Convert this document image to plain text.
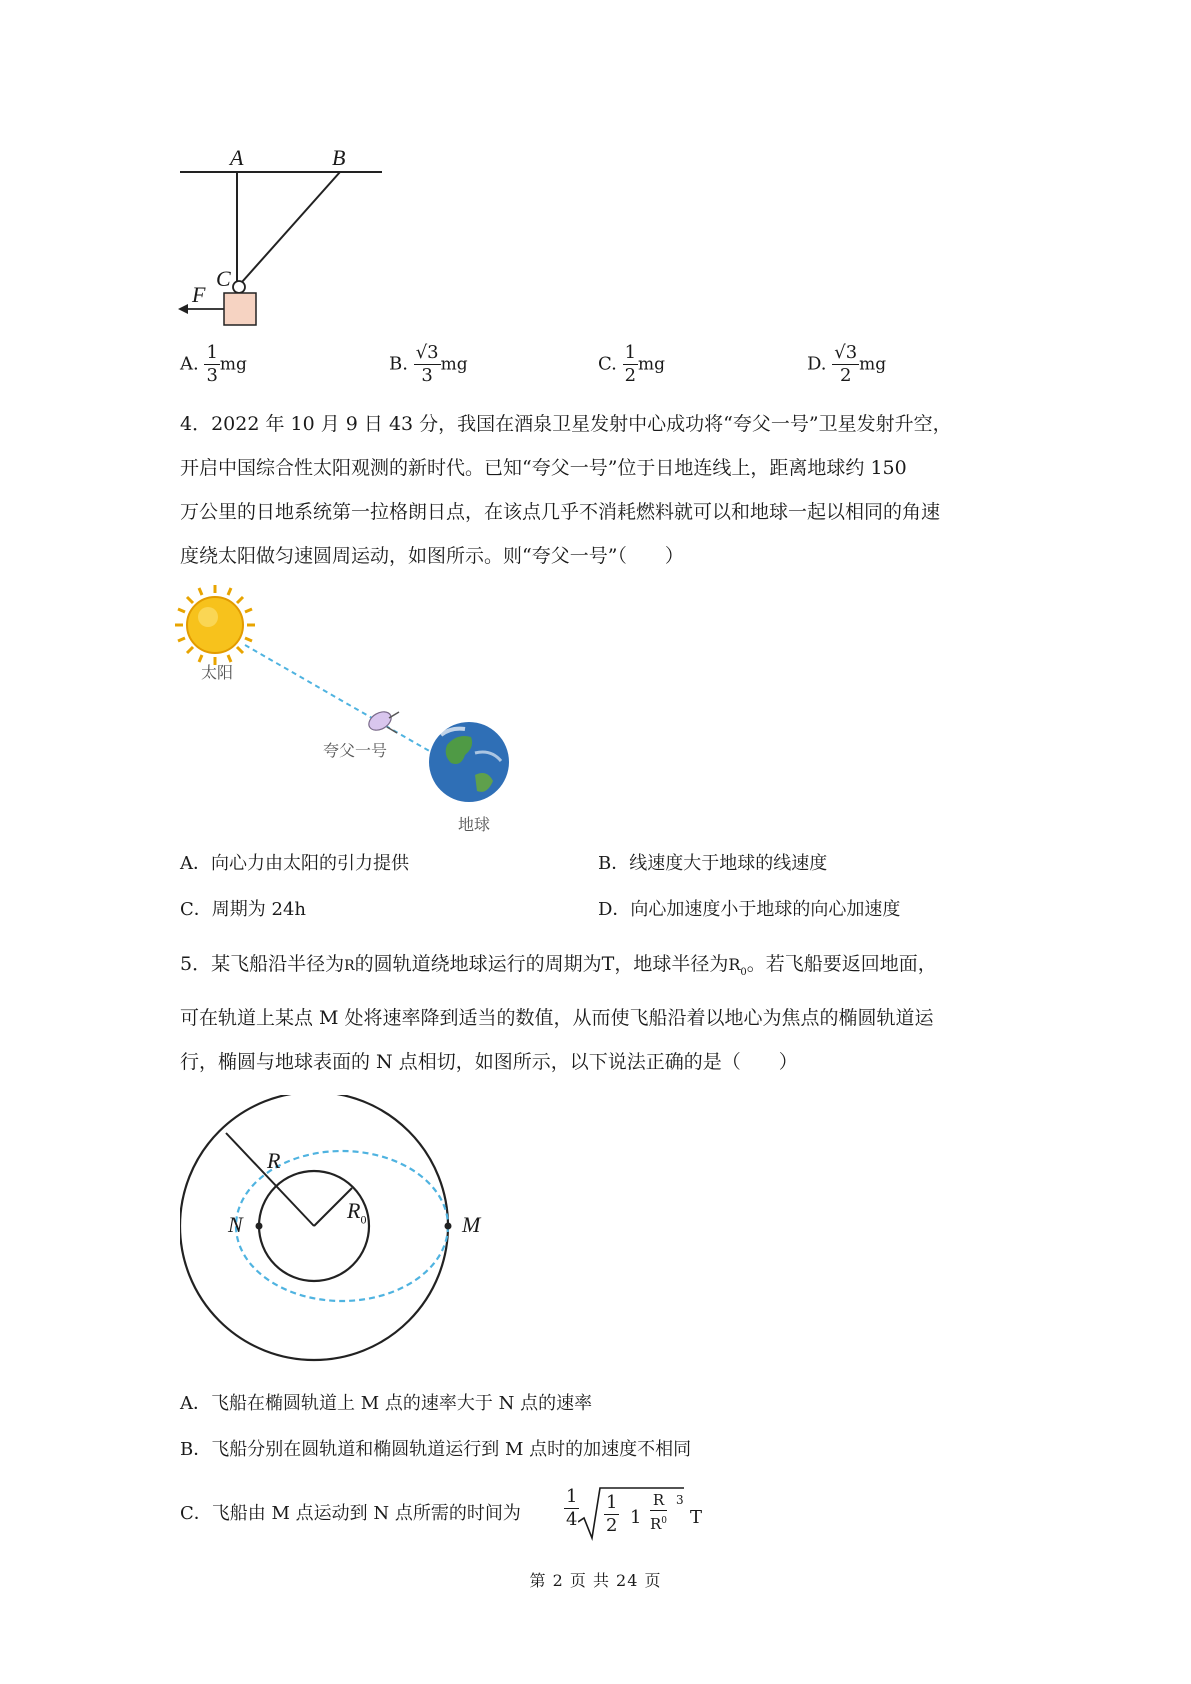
A	B
C
F
A. $\frac{1}{3}$ mg	B. $\frac{√3}{3}$ mg	C. $\frac{1}{2}$ mg	D. $\frac{√3}{2}$ mg
4．2022 年 10 月 9 日 43 分，我国在酒泉卫星发射中心成功将“夸父一号”卫星发射升空，
开启中国综合性太阳观测的新时代。已知“夸父一号”位于日地连线上，距离地球约 150
万公里的日地系统第一拉格朗日点，在该点几乎不消耗燃料就可以和地球一起以相同的角速
度绕太阳做匀速圆周运动，如图所示。则“夸父一号”（　　）
太阳
夸父一号
地球
A．向心力由太阳的引力提供	B．线速度大于地球的线速度
C．周期为 24h	D．向心加速度小于地球的向心加速度
5．某飞船沿半径为R的圆轨道绕地球运行的周期为T，地球半径为$R_0$。若飞船要返回地面，
可在轨道上某点 M 处将速率降到适当的数值，从而使飞船沿着以地心为焦点的椭圆轨道运
行，椭圆与地球表面的 N 点相切，如图所示，以下说法正确的是（　　）
R
$R_0$
N	M
A．飞船在椭圆轨道上 M 点的速率大于 N 点的速率
B．飞船分别在圆轨道和椭圆轨道运行到 M 点时的加速度不相同
C．飞船由 M 点运动到 N 点所需的时间为 $\frac{1}{4} \frac{1}{2} 1 \frac{R}{R^0} 3$
T
第 2 页 共 24 页
